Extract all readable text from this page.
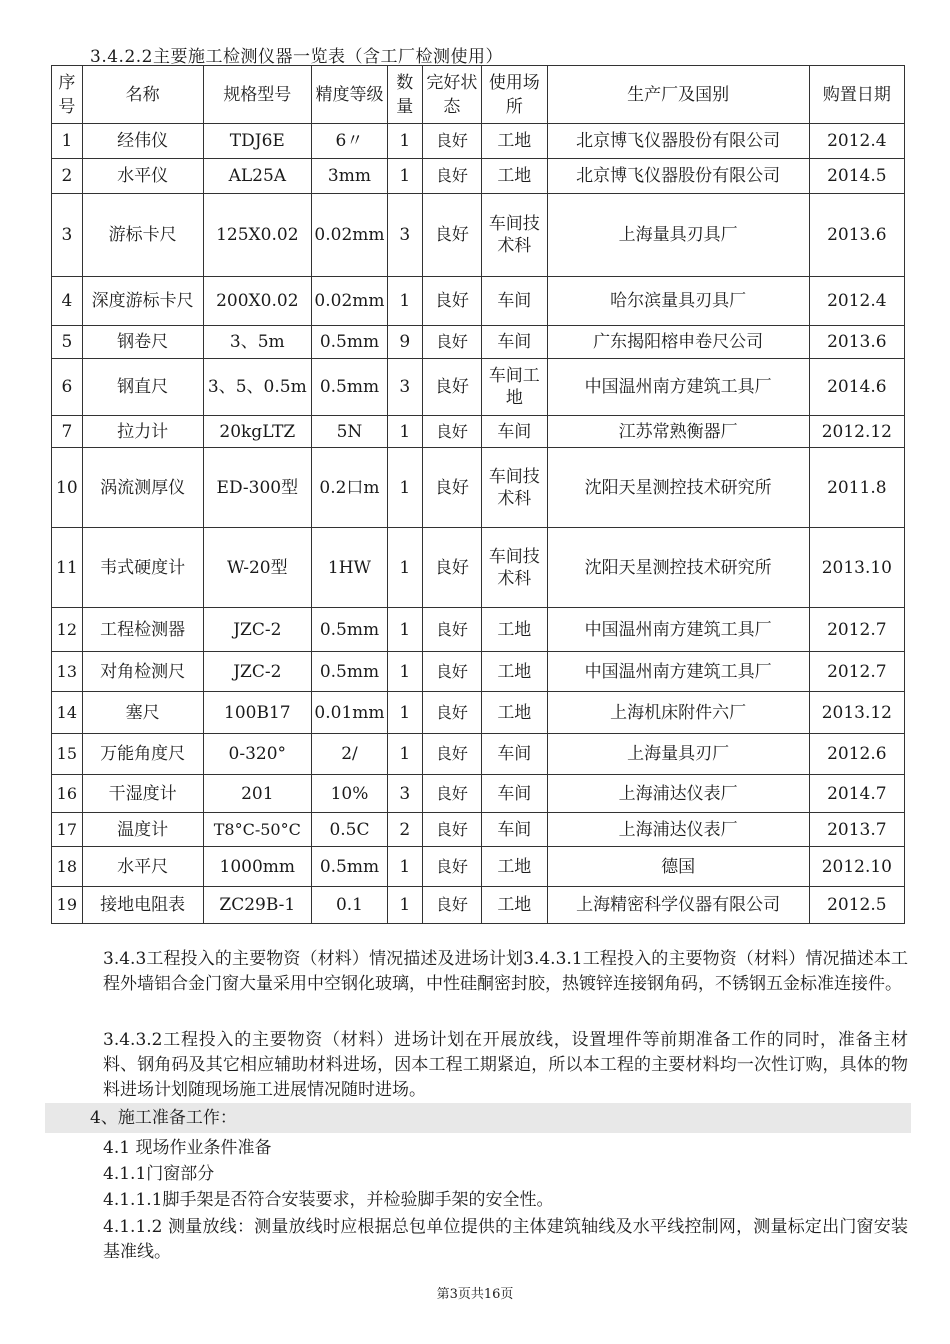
3.4.2.2主要施工检测仪器一览表（含工厂检测使用）
序号	名称	规格型号	精度等级	数量	完好状态	使用场所	生产厂及国别	购置日期
1	经伟仪	TDJ6E	6〃	1	良好	工地	北京博飞仪器股份有限公司	2012.4
2	水平仪	AL25A	3mm	1	良好	工地	北京博飞仪器股份有限公司	2014.5
3	游标卡尺	125X0.02	0.02mm	3	良好	车间技术科	上海量具刃具厂	2013.6
4	深度游标卡尺	200X0.02	0.02mm	1	良好	车间	哈尔滨量具刃具厂	2012.4
5	钢卷尺	3、5m	0.5mm	9	良好	车间	广东揭阳榕申卷尺公司	2013.6
6	钢直尺	3、5、0.5m	0.5mm	3	良好	车间工地	中国温州南方建筑工具厂	2014.6
7	拉力计	20kgLTZ	5N	1	良好	车间	江苏常熟衡器厂	2012.12
10	涡流测厚仪	ED-300型	0.2口m	1	良好	车间技术科	沈阳天星测控技术研究所	2011.8
11	韦式硬度计	W-20型	1HW	1	良好	车间技术科	沈阳天星测控技术研究所	2013.10
12	工程检测器	JZC-2	0.5mm	1	良好	工地	中国温州南方建筑工具厂	2012.7
13	对角检测尺	JZC-2	0.5mm	1	良好	工地	中国温州南方建筑工具厂	2012.7
14	塞尺	100B17	0.01mm	1	良好	工地	上海机床附件六厂	2013.12
15	万能角度尺	0-320°	2/	1	良好	车间	上海量具刃厂	2012.6
16	干湿度计	201	10%	3	良好	车间	上海浦达仪表厂	2014.7
17	温度计	T8°C-50°C	0.5C	2	良好	车间	上海浦达仪表厂	2013.7
18	水平尺	1000mm	0.5mm	1	良好	工地	德国	2012.10
19	接地电阻表	ZC29B-1	0.1	1	良好	工地	上海精密科学仪器有限公司	2012.5
3.4.3工程投入的主要物资（材料）情况描述及进场计划3.4.3.1工程投入的主要物资（材料）情况描述本工程外墙铝合金门窗大量采用中空钢化玻璃，中性硅酮密封胶，热镀锌连接钢角码，不锈钢五金标准连接件。
3.4.3.2工程投入的主要物资（材料）进场计划在开展放线，设置埋件等前期准备工作的同时，准备主材料、钢角码及其它相应辅助材料进场，因本工程工期紧迫，所以本工程的主要材料均一次性订购，具体的物料进场计划随现场施工进展情况随时进场。
4、施工准备工作：
4.1 现场作业条件准备
4.1.1门窗部分
4.1.1.1脚手架是否符合安装要求，并检验脚手架的安全性。
4.1.1.2 测量放线：测量放线时应根据总包单位提供的主体建筑轴线及水平线控制网，测量标定出门窗安装基准线。
第3页共16页
